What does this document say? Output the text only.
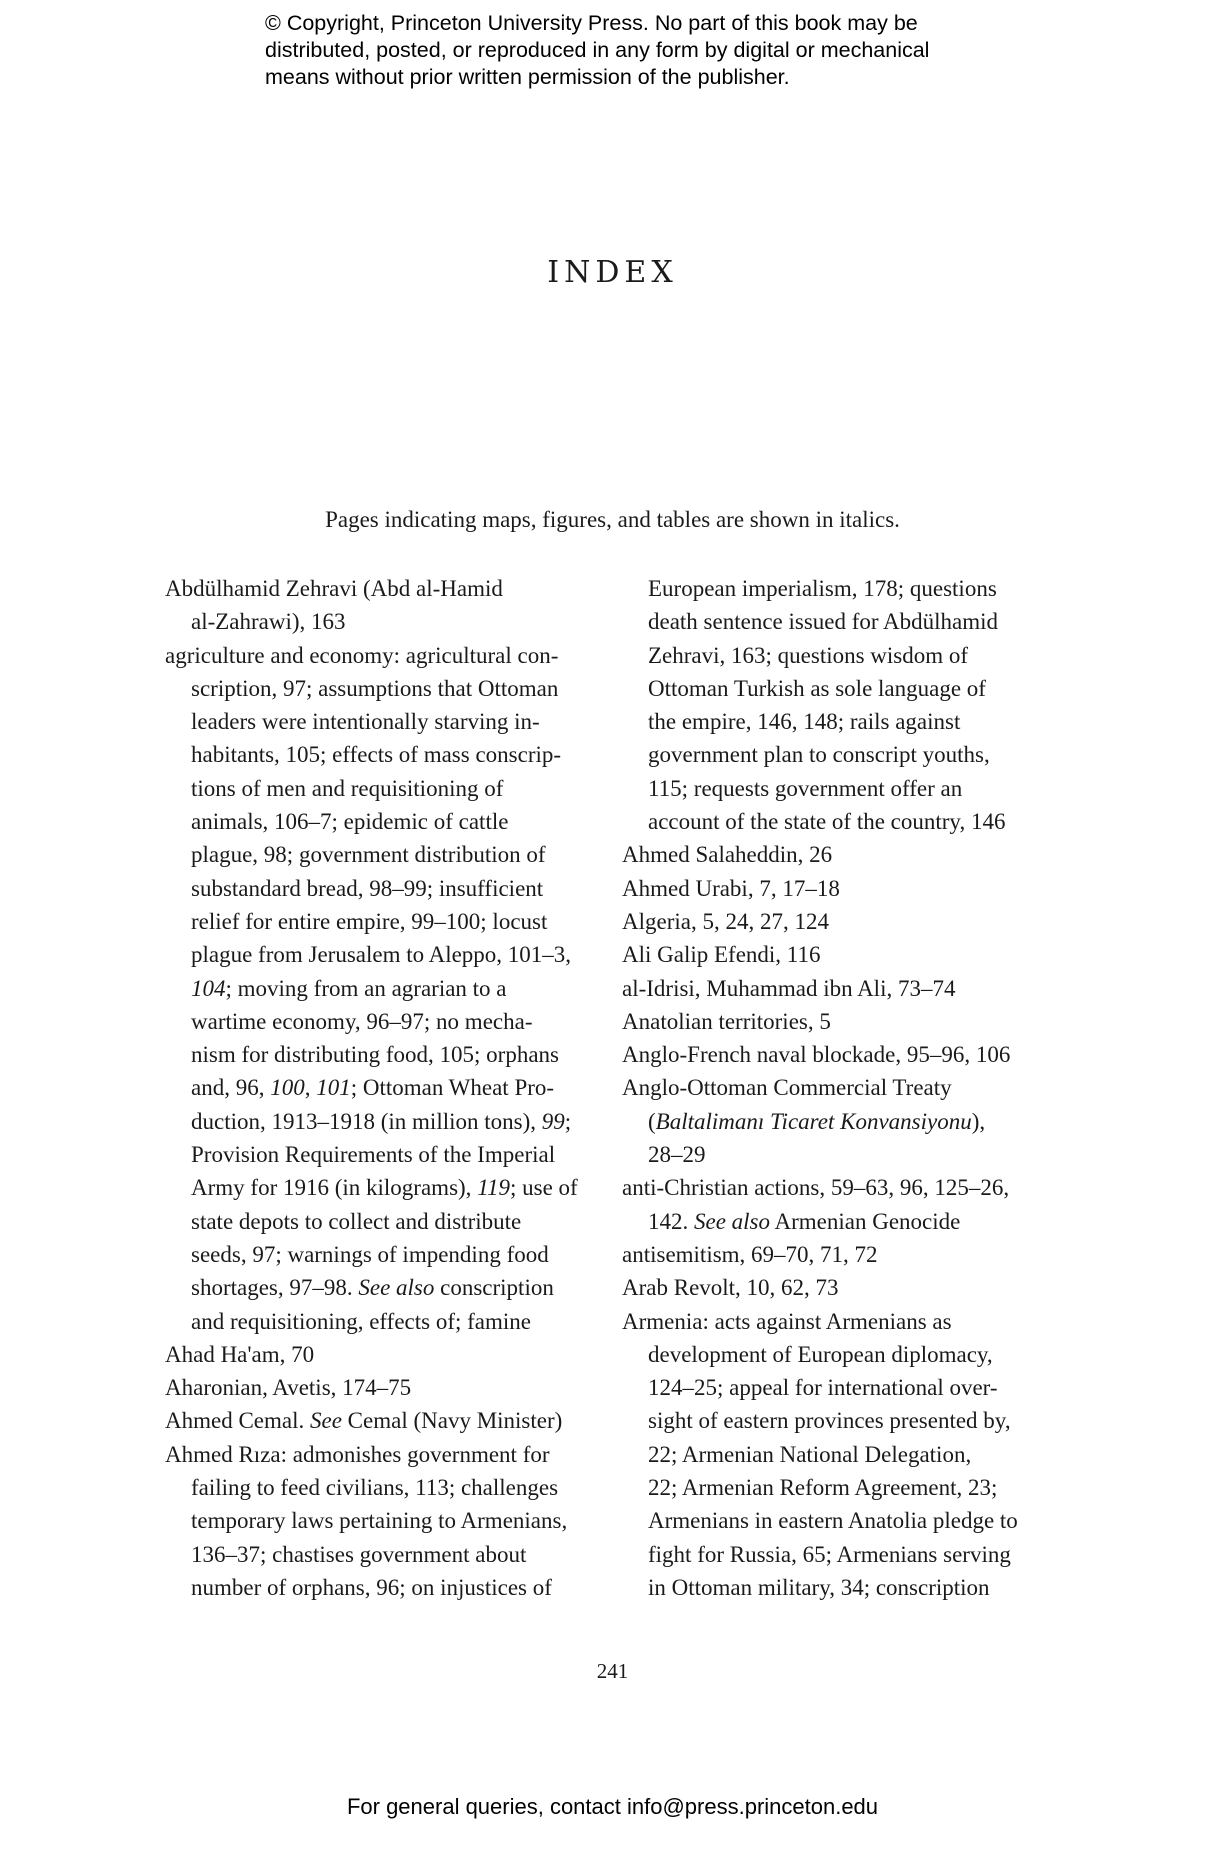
© Copyright, Princeton University Press. No part of this book may be
distributed, posted, or reproduced in any form by digital or mechanical
means without prior written permission of the publisher.
INDEX
Pages indicating maps, figures, and tables are shown in italics.
Abdülhamid Zehravi (Abd al-Hamid
al-Zahrawi), 163
agriculture and economy: agricultural con-
scription, 97; assumptions that Ottoman
leaders were intentionally starving in-
habitants, 105; effects of mass conscrip-
tions of men and requisitioning of
animals, 106–7; epidemic of cattle
plague, 98; government distribution of
substandard bread, 98–99; insufficient
relief for entire empire, 99–100; locust
plague from Jerusalem to Aleppo, 101–3,
104; moving from an agrarian to a
wartime economy, 96–97; no mecha-
nism for distributing food, 105; orphans
and, 96, 100, 101; Ottoman Wheat Pro-
duction, 1913–1918 (in million tons), 99;
Provision Requirements of the Imperial
Army for 1916 (in kilograms), 119; use of
state depots to collect and distribute
seeds, 97; warnings of impending food
shortages, 97–98. See also conscription
and requisitioning, effects of; famine
Ahad Ha'am, 70
Aharonian, Avetis, 174–75
Ahmed Cemal. See Cemal (Navy Minister)
Ahmed Rıza: admonishes government for
failing to feed civilians, 113; challenges
temporary laws pertaining to Armenians,
136–37; chastises government about
number of orphans, 96; on injustices of
European imperialism, 178; questions
death sentence issued for Abdülhamid
Zehravi, 163; questions wisdom of
Ottoman Turkish as sole language of
the empire, 146, 148; rails against
government plan to conscript youths,
115; requests government offer an
account of the state of the country, 146
Ahmed Salaheddin, 26
Ahmed Urabi, 7, 17–18
Algeria, 5, 24, 27, 124
Ali Galip Efendi, 116
al-Idrisi, Muhammad ibn Ali, 73–74
Anatolian territories, 5
Anglo-French naval blockade, 95–96, 106
Anglo-Ottoman Commercial Treaty
(Baltalimanı Ticaret Konvansiyonu),
28–29
anti-Christian actions, 59–63, 96, 125–26,
142. See also Armenian Genocide
antisemitism, 69–70, 71, 72
Arab Revolt, 10, 62, 73
Armenia: acts against Armenians as
development of European diplomacy,
124–25; appeal for international over-
sight of eastern provinces presented by,
22; Armenian National Delegation,
22; Armenian Reform Agreement, 23;
Armenians in eastern Anatolia pledge to
fight for Russia, 65; Armenians serving
in Ottoman military, 34; conscription
241
For general queries, contact info@press.princeton.edu
